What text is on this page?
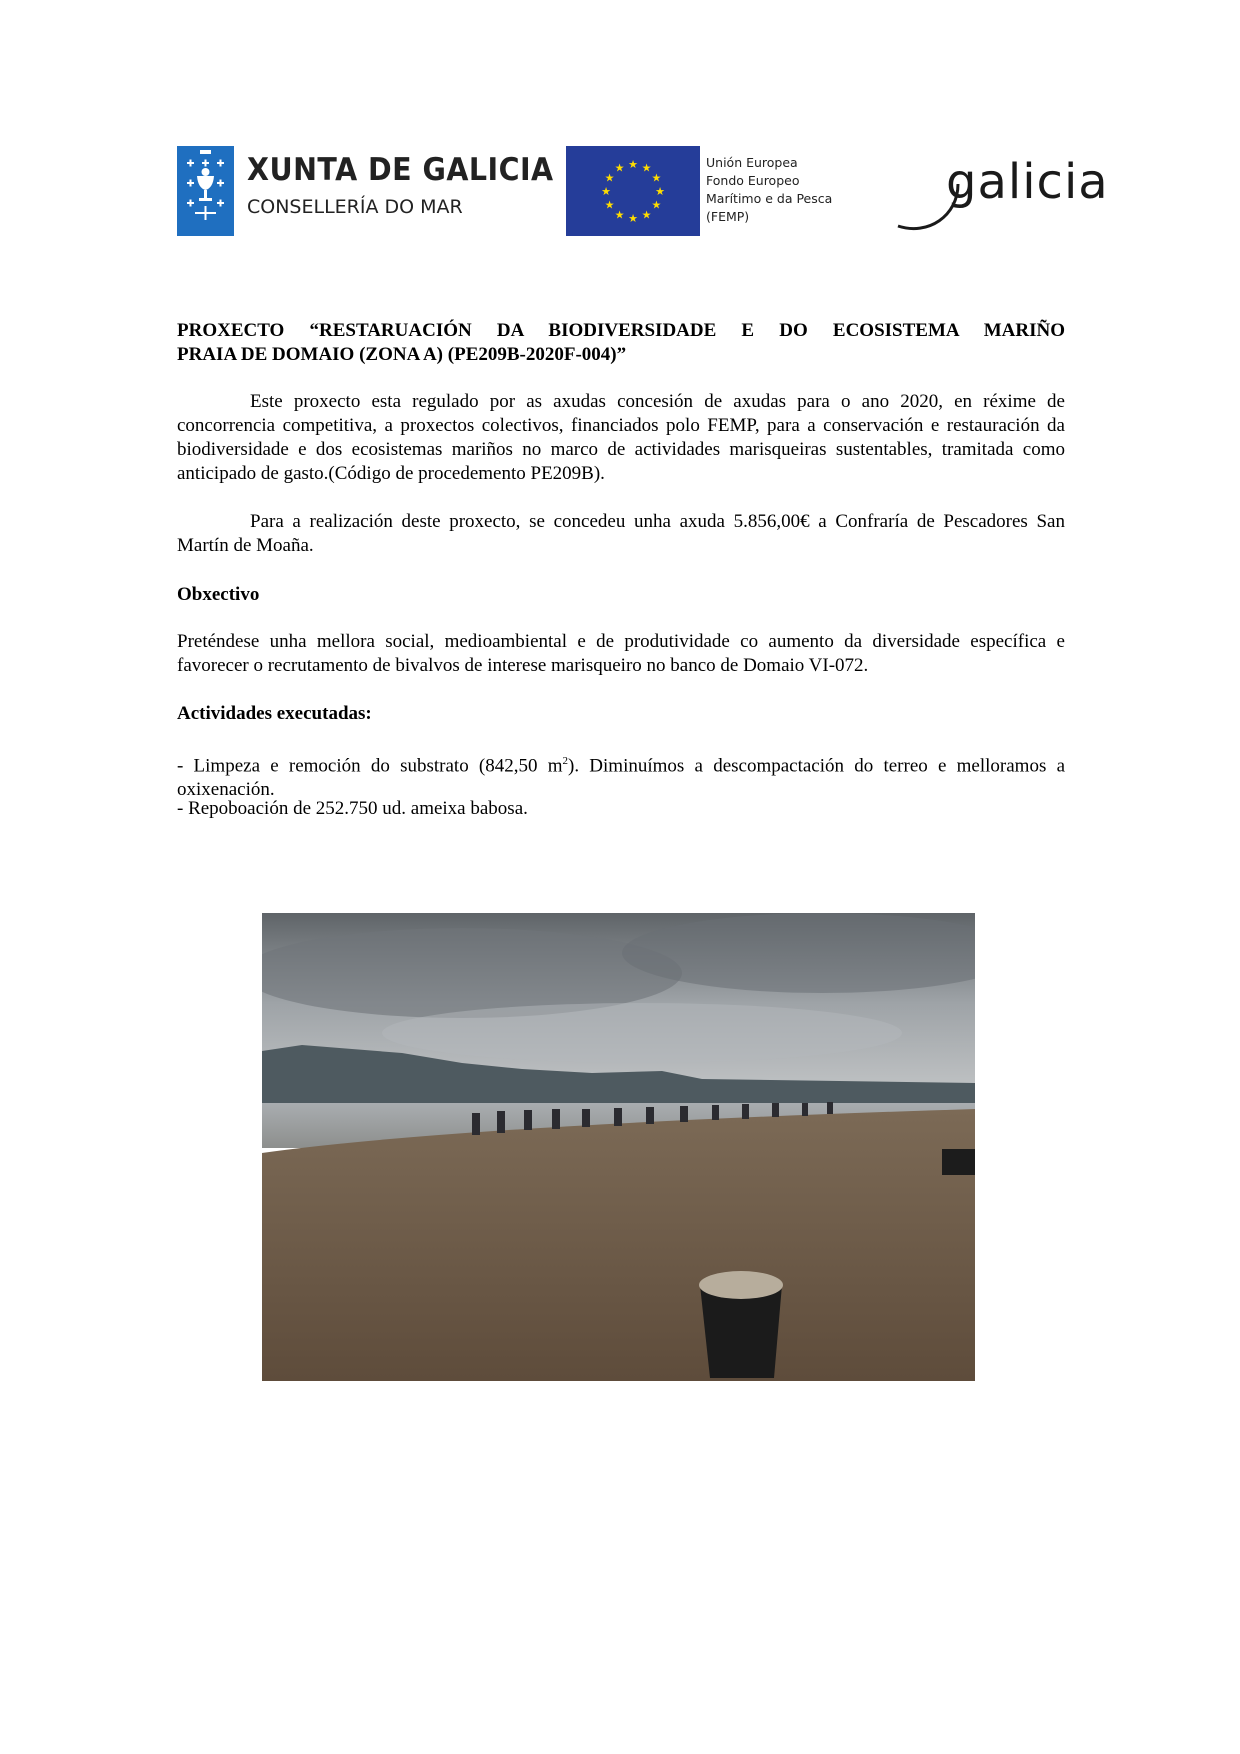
XUNTA DE GALICIA
CONSELLERÍA DO MAR
★ ★
★
★
★
★
★
★
★
★
★
★	Unión Europea
Fondo Europeo
Marítimo e da Pesca
(FEMP)
galicia
PROXECTO “RESTARUACIÓN DA BIODIVERSIDADE E DO ECOSISTEMA MARIÑO
PRAIA DE DOMAIO (ZONA A) (PE209B-2020F-004)”
Este proxecto esta regulado por as axudas concesión de axudas para o ano 2020, en réxime de concorrencia competitiva, a proxectos colectivos, financiados polo FEMP, para a conservación e restauración da biodiversidade e dos ecosistemas mariños no marco de actividades marisqueiras sustentables, tramitada como anticipado de gasto.(Código de procedemento PE209B).
Para a realización deste proxecto, se concedeu unha axuda 5.856,00€ a Confraría de Pescadores San Martín de Moaña.
Obxectivo
Preténdese unha mellora social, medioambiental e de produtividade co aumento da diversidade específica e favorecer o recrutamento de bivalvos de interese marisqueiro no banco de Domaio VI-072.
Actividades executadas:
- Limpeza e remoción do substrato (842,50 $m^2$). Diminuímos a descompactación do terreo e melloramos a oxixenación.
- Repoboación de 252.750 ud. ameixa babosa.
